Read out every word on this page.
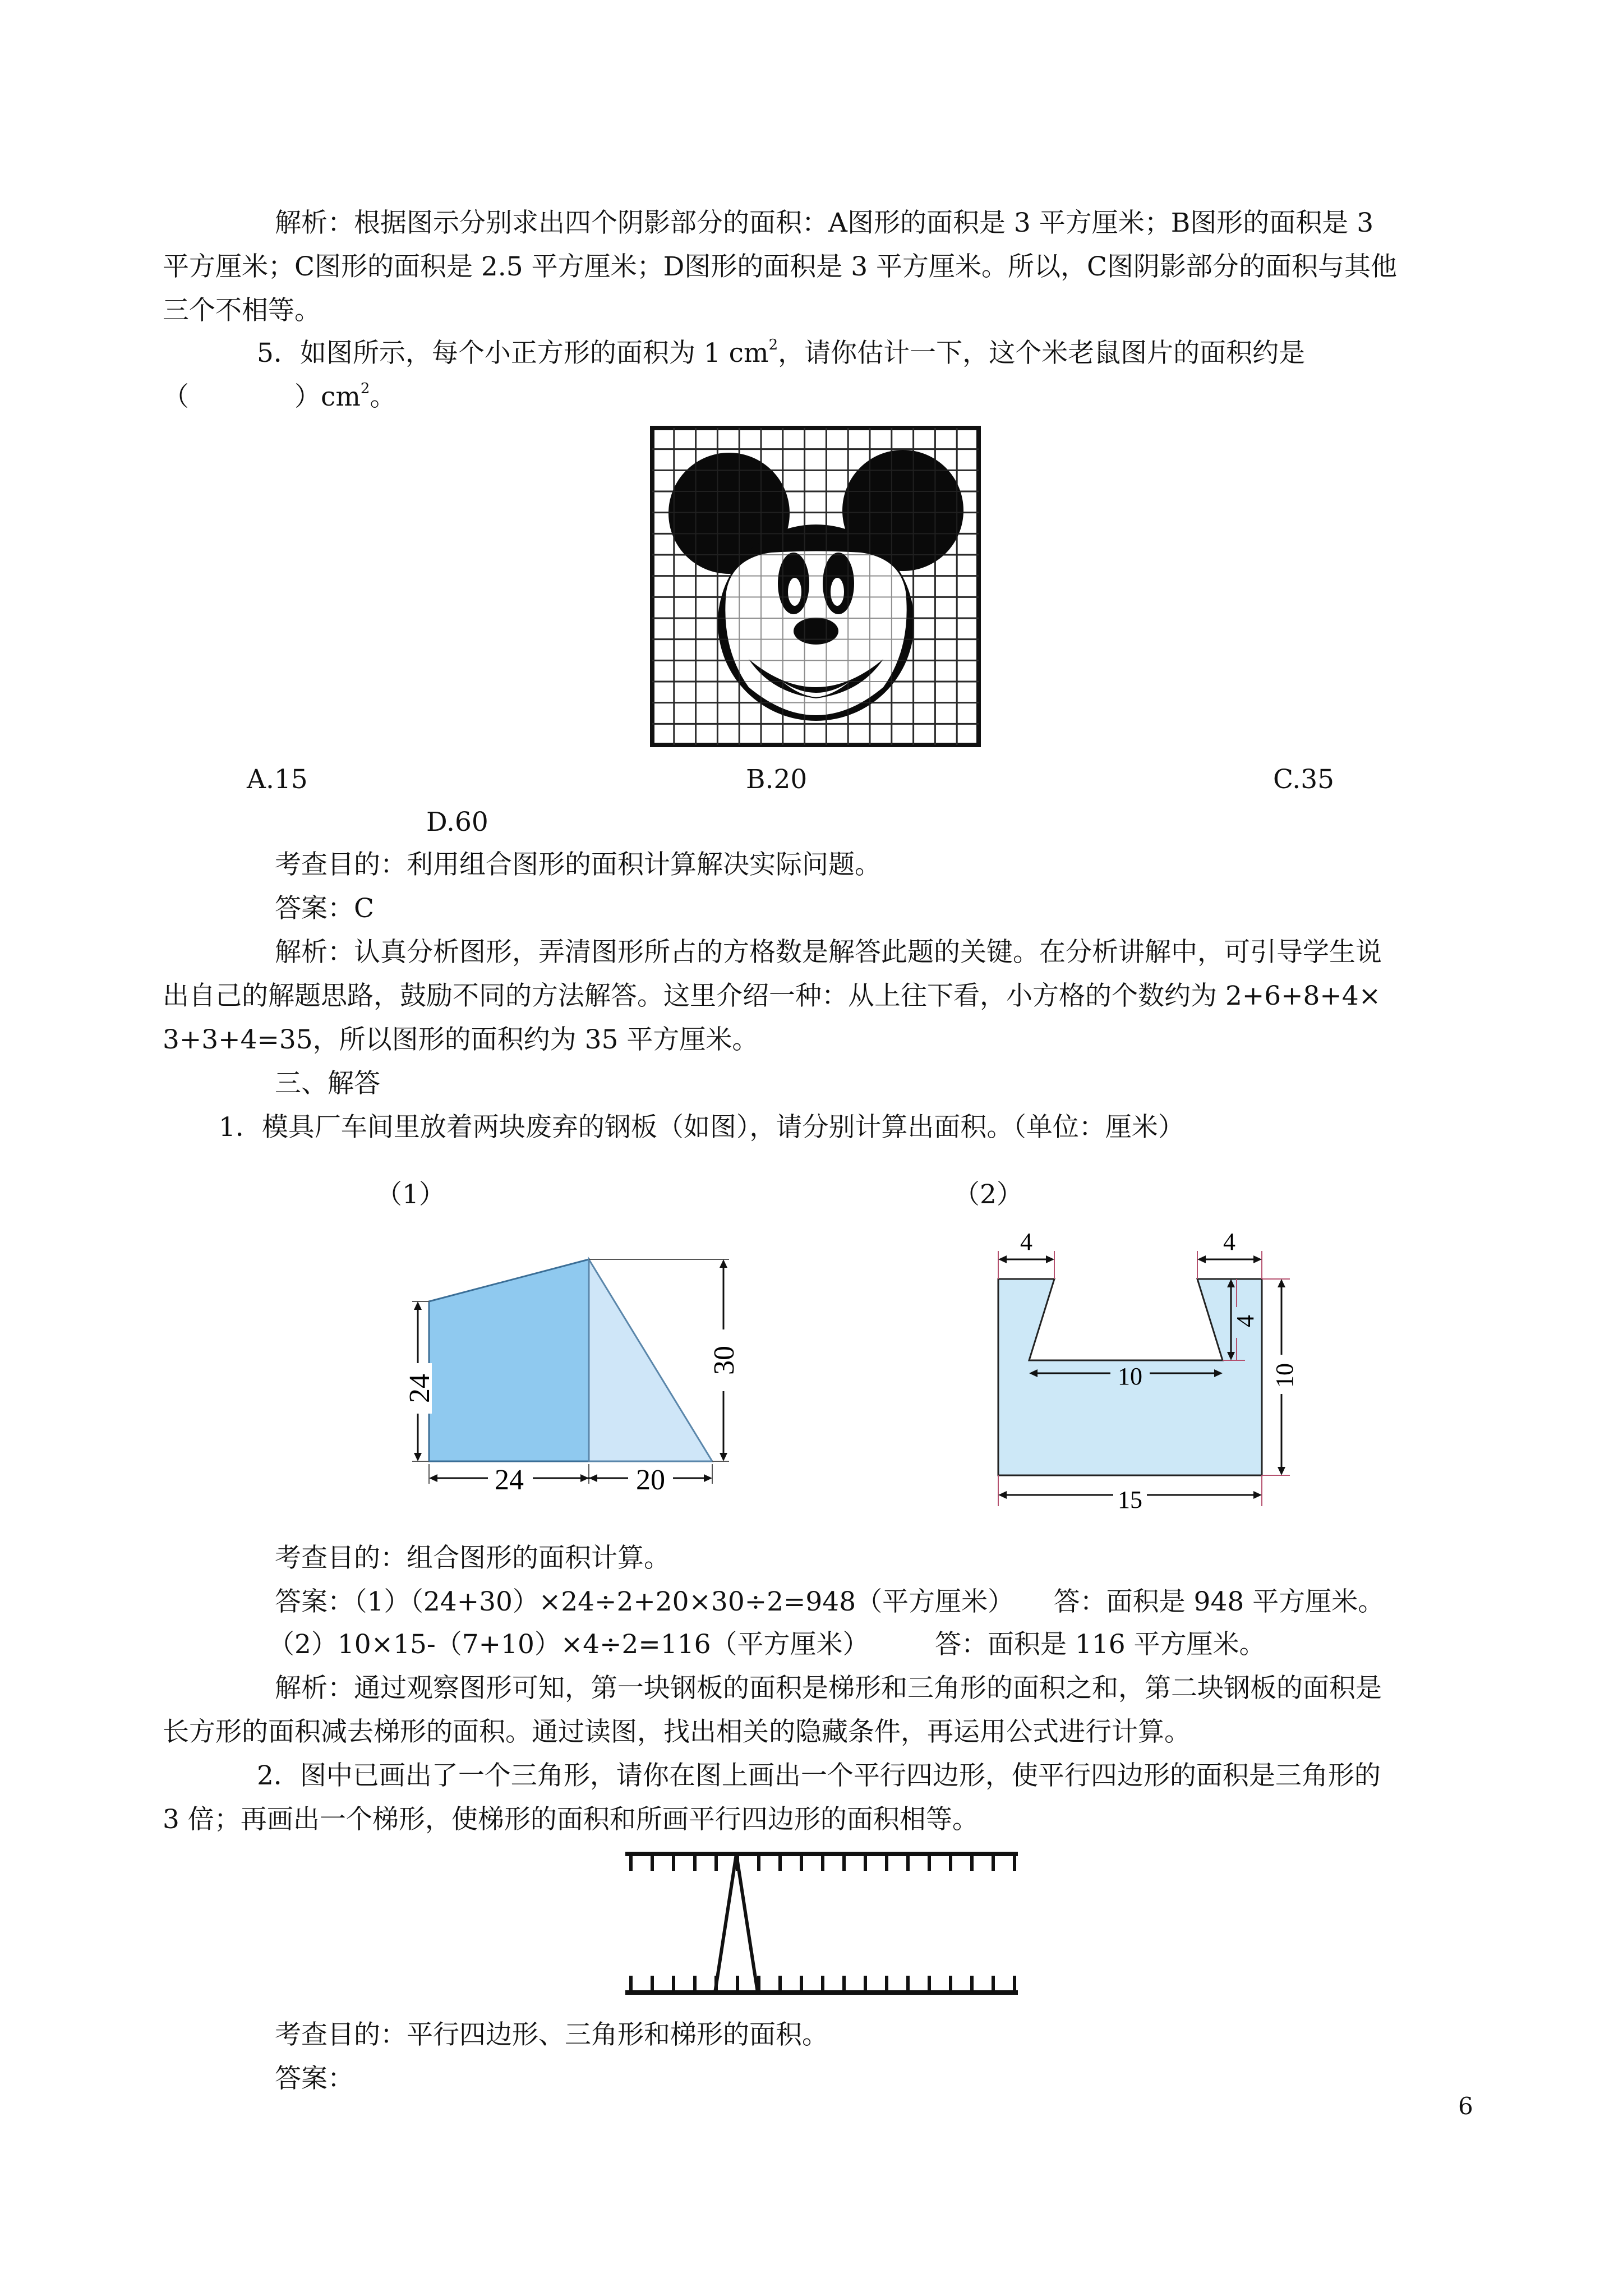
解析：根据图示分别求出四个阴影部分的面积：A图形的面积是 3 平方厘米；B图形的面积是 3
平方厘米；C图形的面积是 2.5 平方厘米；D图形的面积是 3 平方厘米。所以，C图阴影部分的面积与其他
三个不相等。
5．如图所示，每个小正方形的面积为 1 $cm^2$，请你估计一下，这个米老鼠图片的面积约是
（　　　　）$cm^2$。
A.15	B.20	C.35
D.60
考查目的：利用组合图形的面积计算解决实际问题。
答案：C
解析：认真分析图形，弄清图形所占的方格数是解答此题的关键。在分析讲解中，可引导学生说
出自己的解题思路，鼓励不同的方法解答。这里介绍一种：从上往下看，小方格的个数约为 2+6+8+4×
3+3+4=35，所以图形的面积约为 35 平方厘米。
三、解答
1．模具厂车间里放着两块废弃的钢板（如图），请分别计算出面积。（单位：厘米）
（1）	（2）
30
24
24	20
4	4
4
10	10
15
考查目的：组合图形的面积计算。
答案：（1）（24+30）×24÷2+20×30÷2=948（平方厘米）　　答：面积是 948 平方厘米。
（2）10×15-（7+10）×4÷2=116（平方厘米）　　　答：面积是 116 平方厘米。
解析：通过观察图形可知，第一块钢板的面积是梯形和三角形的面积之和，第二块钢板的面积是
长方形的面积减去梯形的面积。通过读图，找出相关的隐藏条件，再运用公式进行计算。
2．图中已画出了一个三角形，请你在图上画出一个平行四边形，使平行四边形的面积是三角形的
3 倍；再画出一个梯形，使梯形的面积和所画平行四边形的面积相等。
考查目的：平行四边形、三角形和梯形的面积。
答案：
6
